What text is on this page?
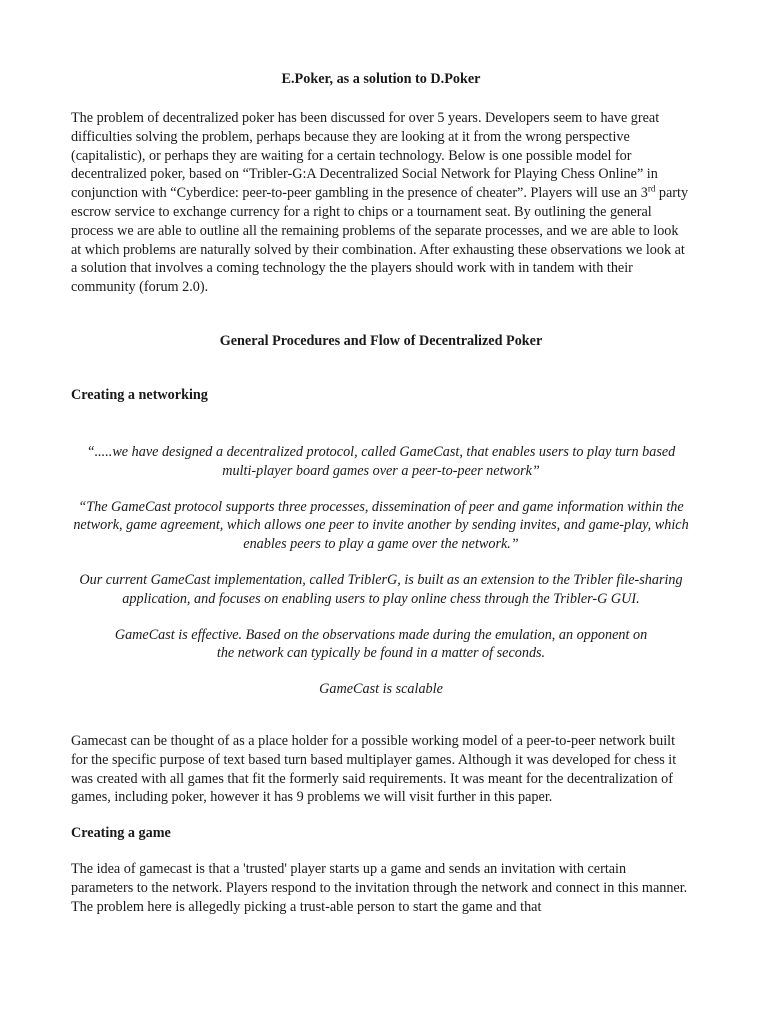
E.Poker, as a solution to D.Poker

The problem of decentralized poker has been discussed for over 5 years. Developers seem to have great difficulties solving the problem, perhaps because they are looking at it from the wrong perspective (capitalistic), or perhaps they are waiting for a certain technology. Below is one possible model for decentralized poker, based on “Tribler-G:A Decentralized Social Network for Playing Chess Online” in conjunction with “Cyberdice: peer-to-peer gambling in the presence of cheater”. Players will use an 3rd party escrow service to exchange currency for a right to chips or a tournament seat. By outlining the general process we are able to outline all the remaining problems of the separate processes, and we are able to look at which problems are naturally solved by their combination. After exhausting these observations we look at a solution that involves a coming technology the the players should work with in tandem with their community (forum 2.0).

General Procedures and Flow of Decentralized Poker

Creating a networking

“.....we have designed a decentralized protocol, called GameCast, that enables users to play turn based multi-player board games over a peer-to-peer network”

“The GameCast protocol supports three processes, dissemination of peer and game information within the network, game agreement, which allows one peer to invite another by sending invites, and game-play, which enables peers to play a game over the network.”

Our current GameCast implementation, called TriblerG, is built as an extension to the Tribler file-sharing application, and focuses on enabling users to play online chess through the Tribler-G GUI.

GameCast is effective. Based on the observations made during the emulation, an opponent on the network can typically be found in a matter of seconds.

GameCast is scalable

Gamecast can be thought of as a place holder for a possible working model of a peer-to-peer network built for the specific purpose of text based turn based multiplayer games. Although it was developed for chess it was created with all games that fit the formerly said requirements. It was meant for the decentralization of games, including poker, however it has 9 problems we will visit further in this paper.

Creating a game

The idea of gamecast is that a 'trusted' player starts up a game and sends an invitation with certain parameters to the network. Players respond to the invitation through the network and connect in this manner. The problem here is allegedly picking a trust-able person to start the game and that
